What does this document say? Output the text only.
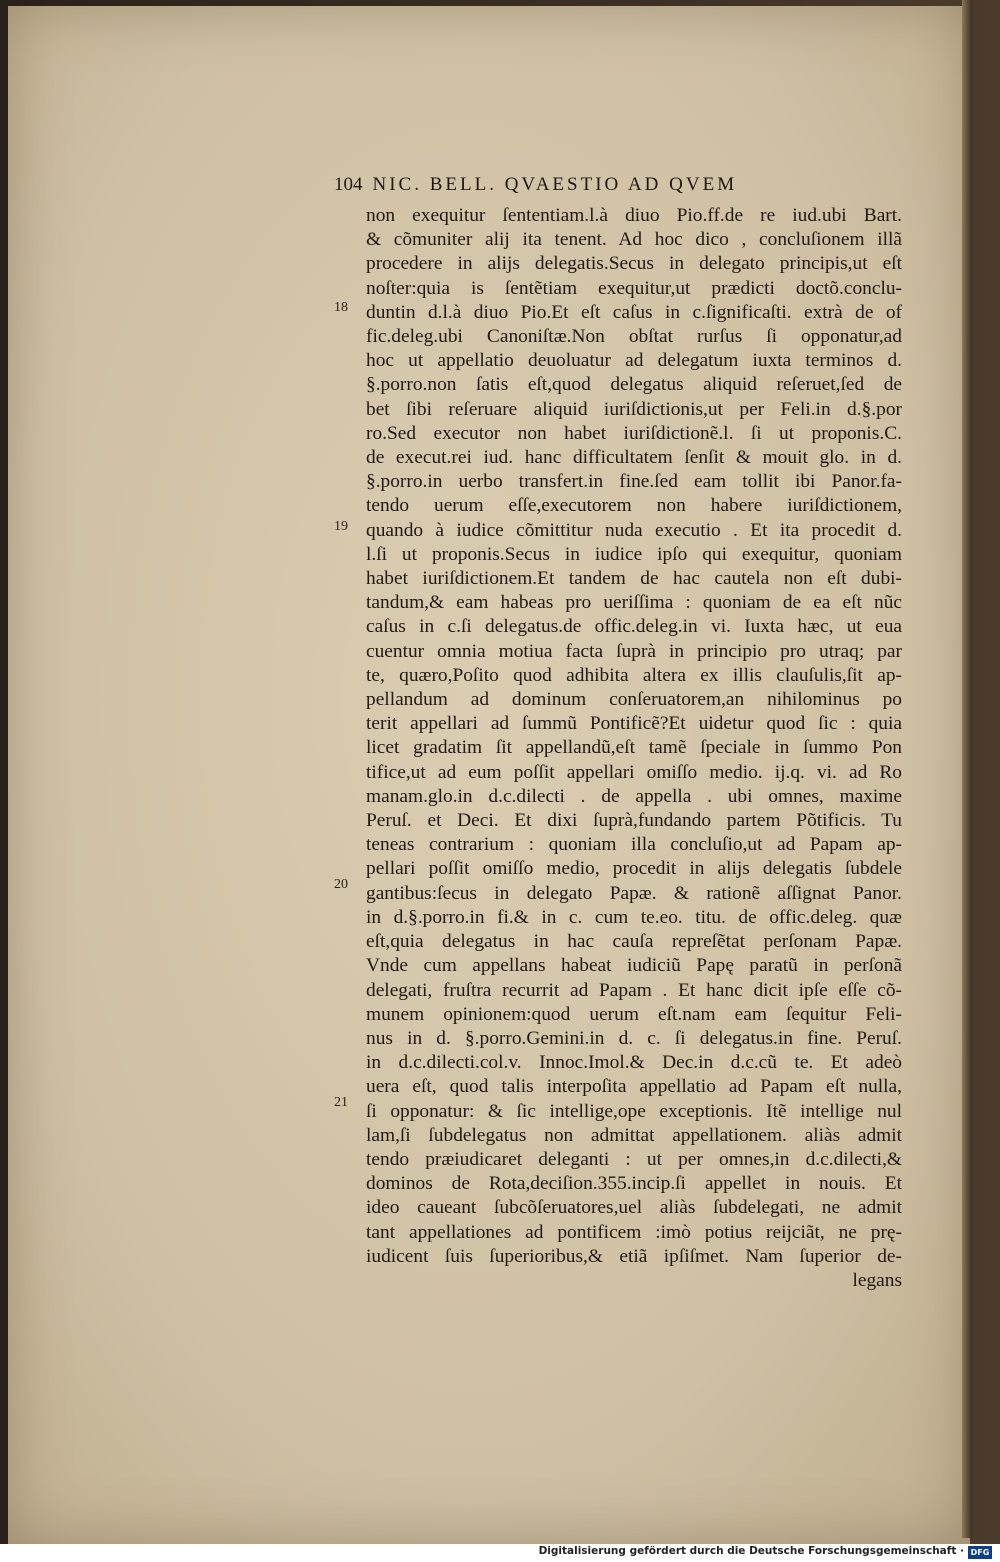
104 NIC. BELL. QVAESTIO AD QVEM
18
19
20
21
non exequitur ſententiam.l.à diuo Pio.ff.de re iud.ubi Bart.
& cõmuniter alij ita tenent. Ad hoc dico , concluſionem illã
procedere in alijs delegatis.Secus in delegato principis,ut eſt
noſter:quia is ſentẽtiam exequitur,ut prædicti doctõ.conclu-
duntin d.l.à diuo Pio.Et eſt caſus in c.ſignificaſti. extrà de of
fic.deleg.ubi Canoniſtæ.Non obſtat rurſus ſi opponatur,ad
hoc ut appellatio deuoluatur ad delegatum iuxta terminos d.
§.porro.non ſatis eſt,quod delegatus aliquid reſeruet,ſed de
bet ſibi reſeruare aliquid iuriſdictionis,ut per Feli.in d.§.por
ro.Sed executor non habet iuriſdictionẽ.l. ſi ut proponis.C.
de execut.rei iud. hanc difficultatem ſenſit & mouit glo. in d.
§.porro.in uerbo transfert.in fine.ſed eam tollit ibi Panor.fa-
tendo uerum eſſe,executorem non habere iuriſdictionem,
quando à iudice cõmittitur nuda executio . Et ita procedit d.
l.ſi ut proponis.Secus in iudice ipſo qui exequitur, quoniam
habet iuriſdictionem.Et tandem de hac cautela non eſt dubi-
tandum,& eam habeas pro ueriſſima : quoniam de ea eſt nũc
caſus in c.ſi delegatus.de offic.deleg.in vi. Iuxta hæc, ut eua
cuentur omnia motiua facta ſuprà in principio pro utraq; par
te, quæro,Poſito quod adhibita altera ex illis clauſulis,ſit ap-
pellandum ad dominum conſeruatorem,an nihilominus po
terit appellari ad ſummũ Pontificẽ?Et uidetur quod ſic : quia
licet gradatim ſit appellandũ,eſt tamẽ ſpeciale in ſummo Pon
tifice,ut ad eum poſſit appellari omiſſo medio. ij.q. vi. ad Ro
manam.glo.in d.c.dilecti . de appella . ubi omnes, maxime
Peruſ. et Deci. Et dixi ſuprà,fundando partem Põtificis. Tu
teneas contrarium : quoniam illa concluſio,ut ad Papam ap-
pellari poſſit omiſſo medio, procedit in alijs delegatis ſubdele
gantibus:ſecus in delegato Papæ. & rationẽ aſſignat Panor.
in d.§.porro.in fi.& in c. cum te.eo. titu. de offic.deleg. quæ
eſt,quia delegatus in hac cauſa repreſẽtat perſonam Papæ.
Vnde cum appellans habeat iudiciũ Papę paratũ in perſonã
delegati, fruſtra recurrit ad Papam . Et hanc dicit ipſe eſſe cõ-
munem opinionem:quod uerum eſt.nam eam ſequitur Feli-
nus in d. §.porro.Gemini.in d. c. ſi delegatus.in fine. Peruſ.
in d.c.dilecti.col.v. Innoc.Imol.& Dec.in d.c.cũ te. Et adeò
uera eſt, quod talis interpoſita appellatio ad Papam eſt nulla,
ſi opponatur: & ſic intellige,ope exceptionis. Itẽ intellige nul
lam,ſi ſubdelegatus non admittat appellationem. aliàs admit
tendo præiudicaret deleganti : ut per omnes,in d.c.dilecti,&
dominos de Rota,deciſion.355.incip.ſi appellet in nouis. Et
ideo caueant ſubcõſeruatores,uel aliàs ſubdelegati, ne admit
tant appellationes ad pontificem :imò potius reijciãt, ne prę-
iudicent ſuis ſuperioribus,& etiã ipſiſmet. Nam ſuperior de-
legans
Digitalisierung gefördert durch die Deutsche Forschungsgemeinschaft · DFG
